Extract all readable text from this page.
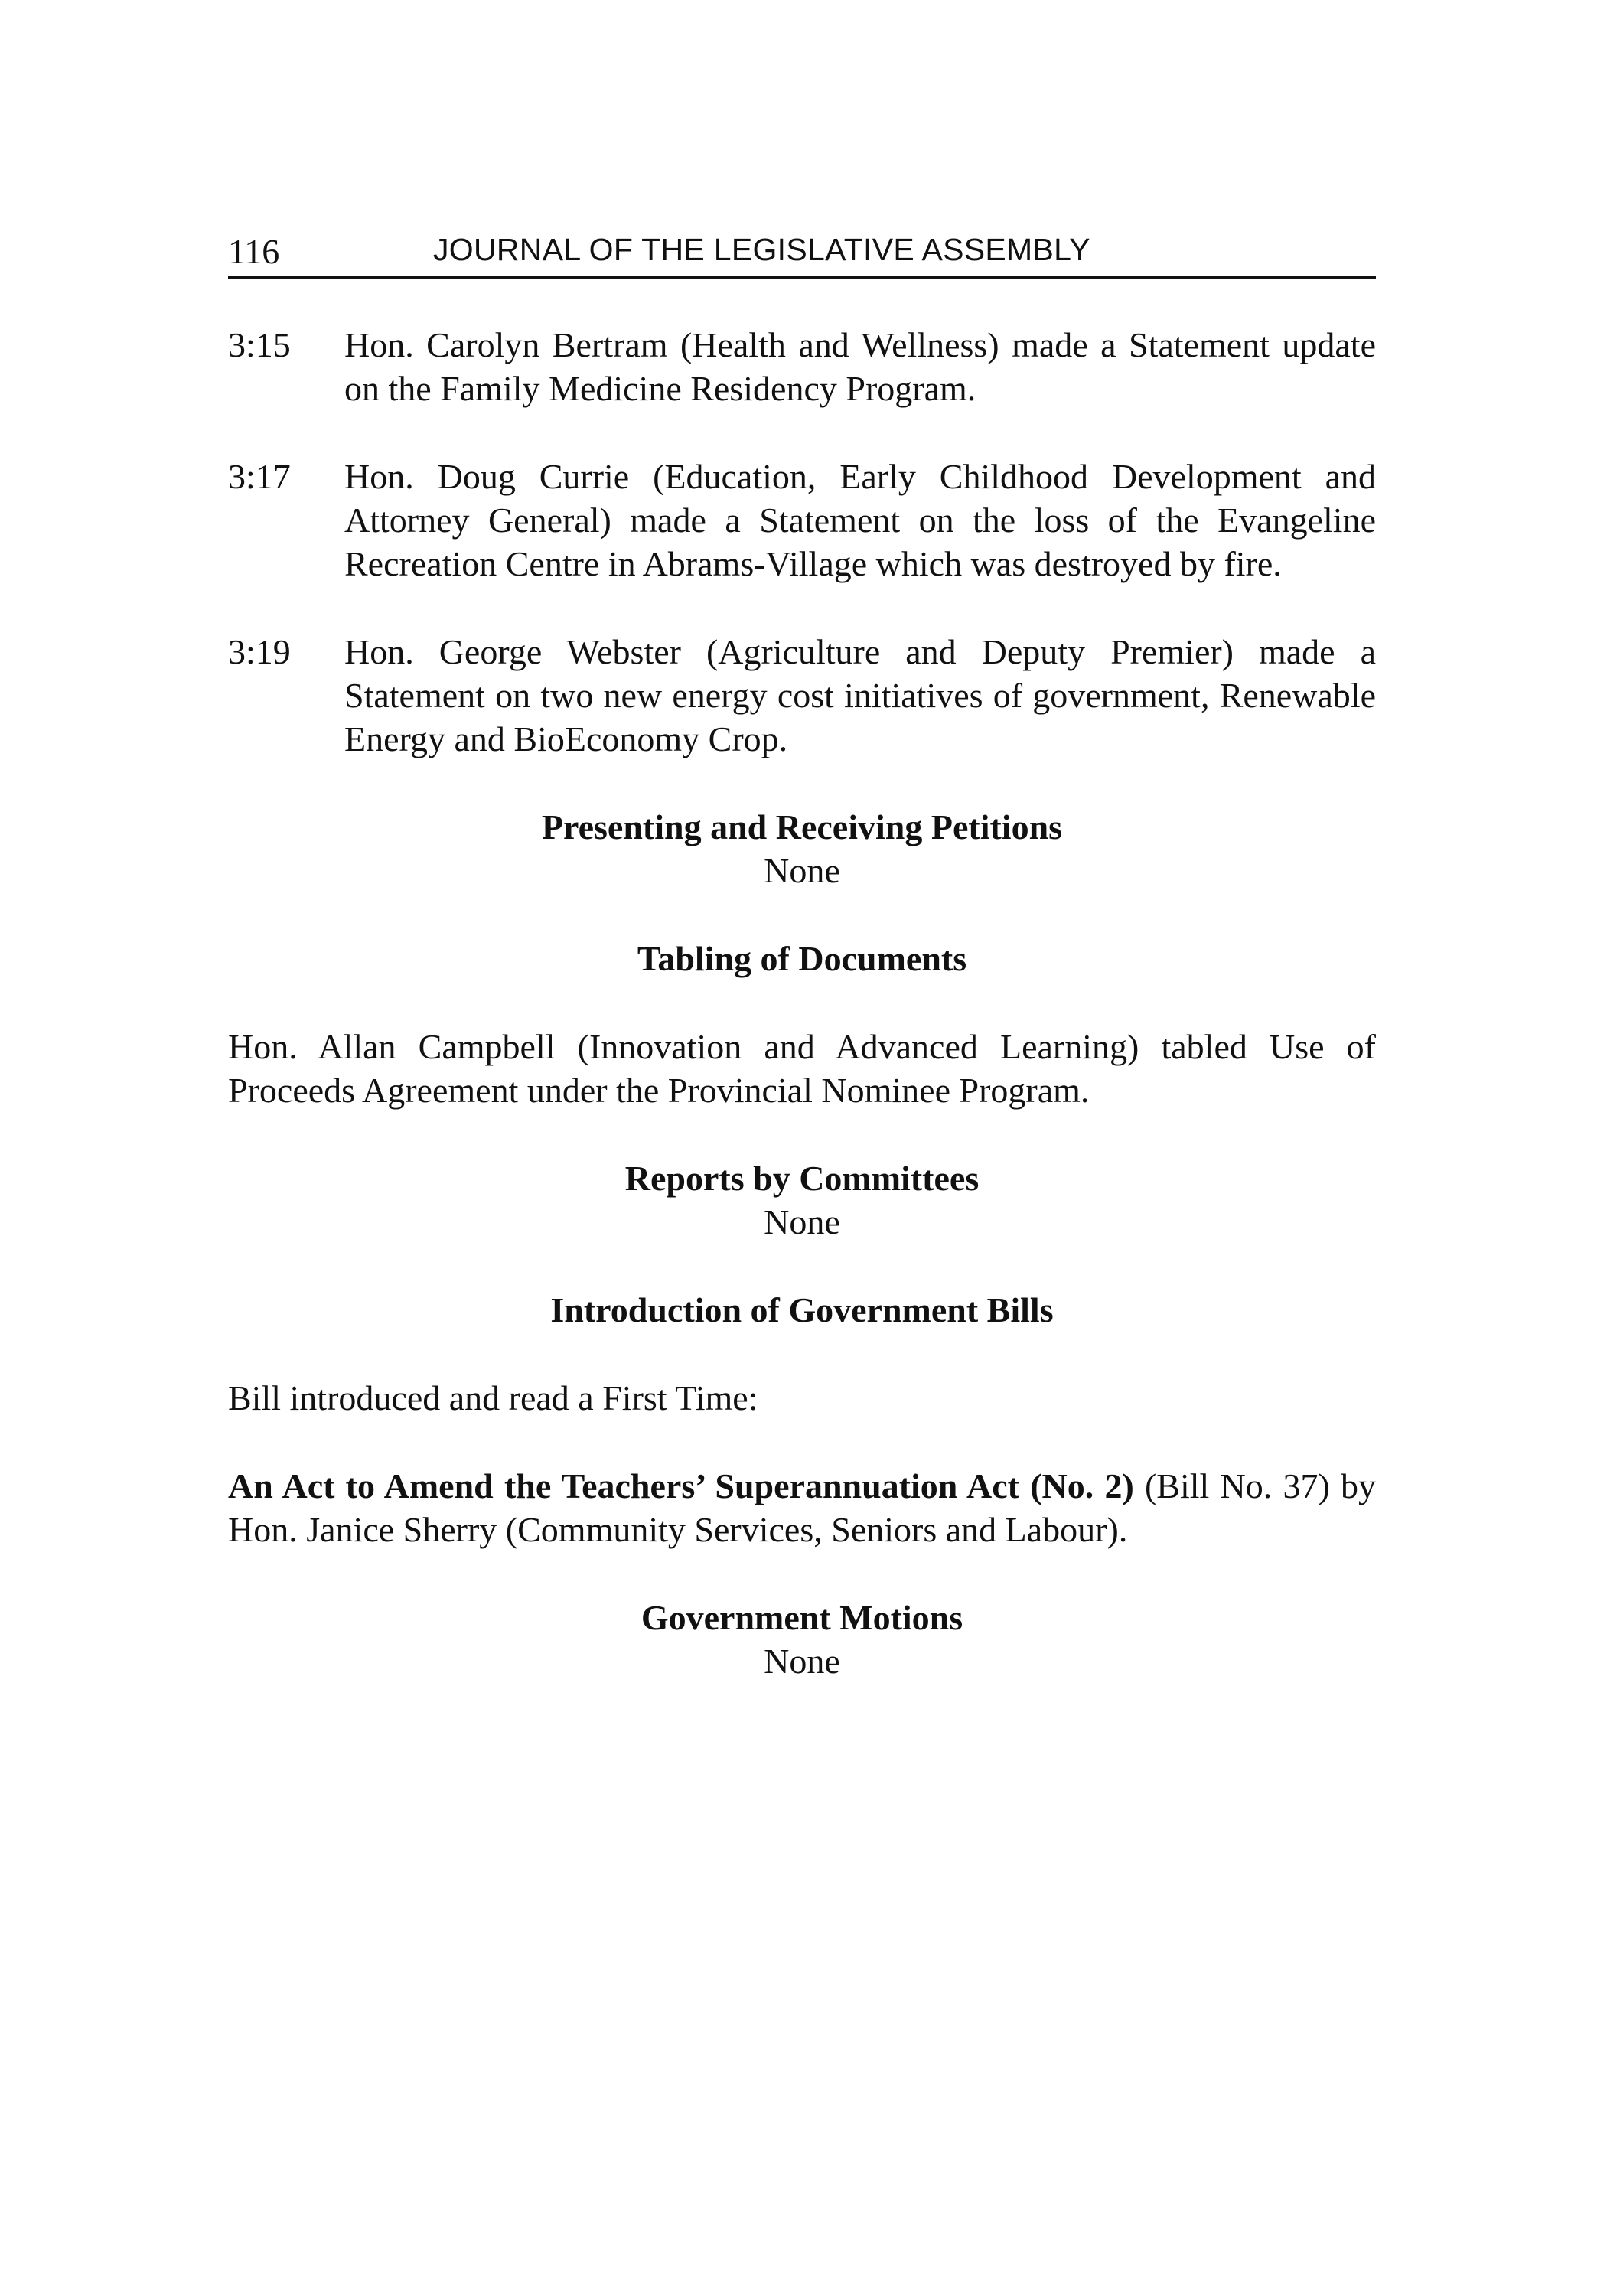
116	JOURNAL OF THE LEGISLATIVE ASSEMBLY
3:15	Hon. Carolyn Bertram (Health and Wellness) made a Statement update on the Family Medicine Residency Program.
3:17	Hon. Doug Currie (Education, Early Childhood Development and Attorney General) made a Statement on the loss of the Evangeline Recreation Centre in Abrams-Village which was destroyed by fire.
3:19	Hon. George Webster (Agriculture and Deputy Premier) made a Statement on two new energy cost initiatives of government, Renewable Energy and BioEconomy Crop.

Presenting and Receiving Petitions

None

Tabling of Documents

Hon. Allan Campbell (Innovation and Advanced Learning) tabled Use of Proceeds Agreement under the Provincial Nominee Program.

Reports by Committees

None

Introduction of Government Bills

Bill introduced and read a First Time:

An Act to Amend the Teachers’ Superannuation Act (No. 2) (Bill No. 37) by Hon. Janice Sherry (Community Services, Seniors and Labour).

Government Motions

None
